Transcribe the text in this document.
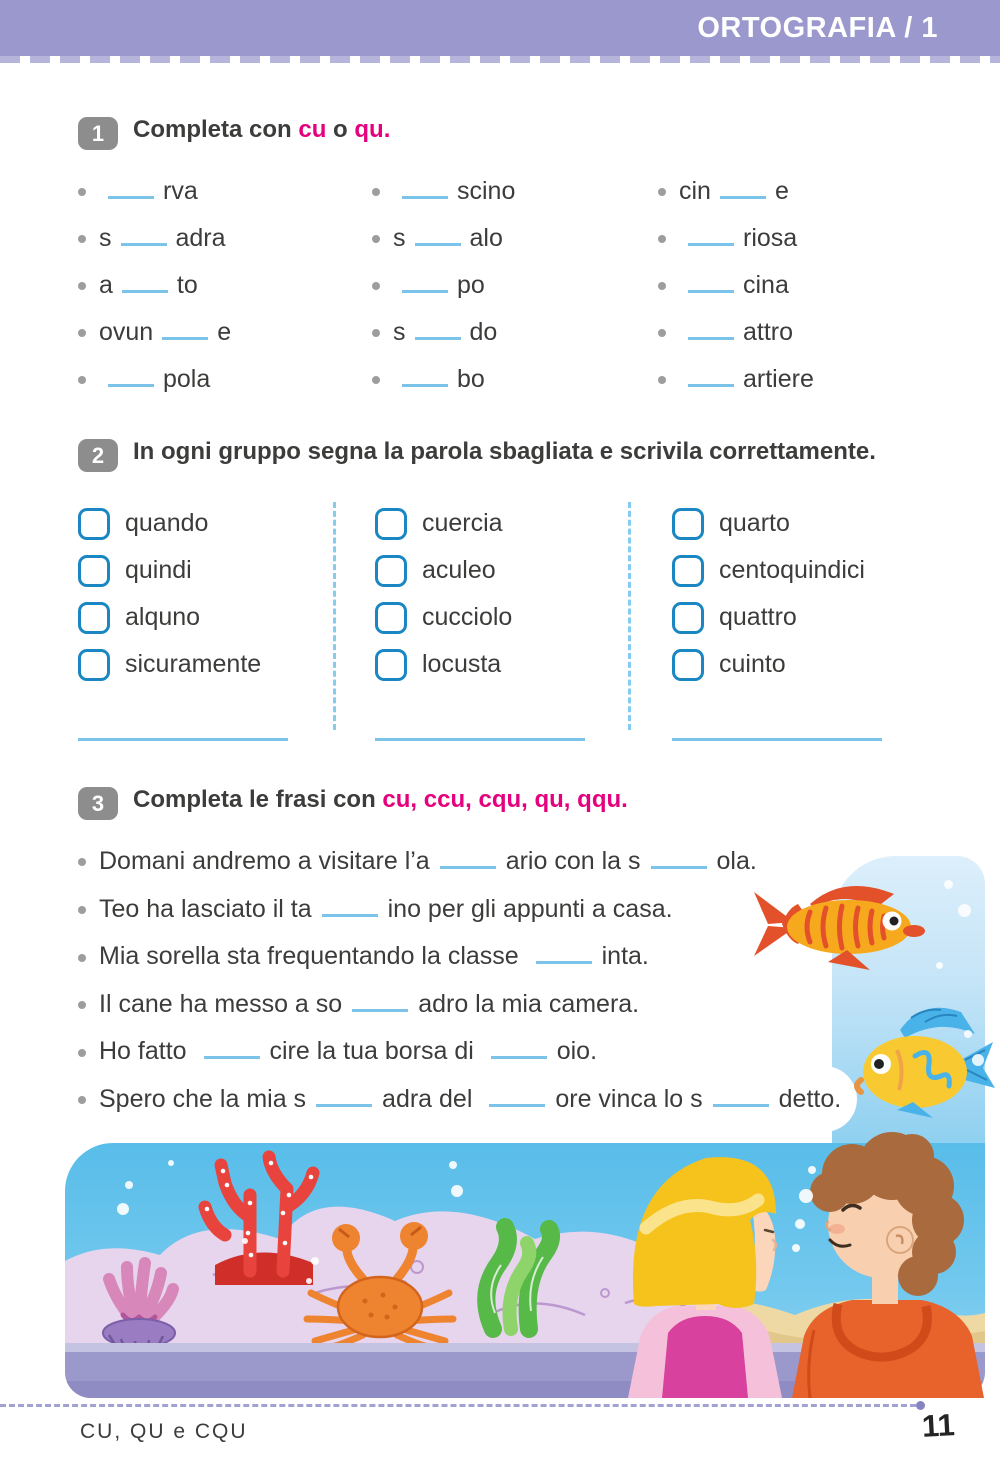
ORTOGRAFIA / 1
1 Completa con cu o qu.
rva
s	adra
a	to
ovun	e
pola
scino
s	alo
po
s	do
bo
cin	e
riosa
cina
attro
artiere
2 In ogni gruppo segna la parola sbagliata e scrivila correttamente.
quando
quindi
alquno
sicuramente
cuercia
aculeo
cucciolo
locusta
quarto
centoquindici
quattro
cuinto
3 Completa le frasi con cu, ccu, cqu, qu, qqu.
Domani andremo a visitare l’a	ario con la s	ola.
Teo ha lasciato il ta	ino per gli appunti a casa.
Mia sorella sta frequentando la classe	inta.
Il cane ha messo a so	adro la mia camera.
Ho fatto	cire la tua borsa di	oio.
Spero che la mia s	adra del	ore vinca lo s	detto.
CU, QU e CQU	11
